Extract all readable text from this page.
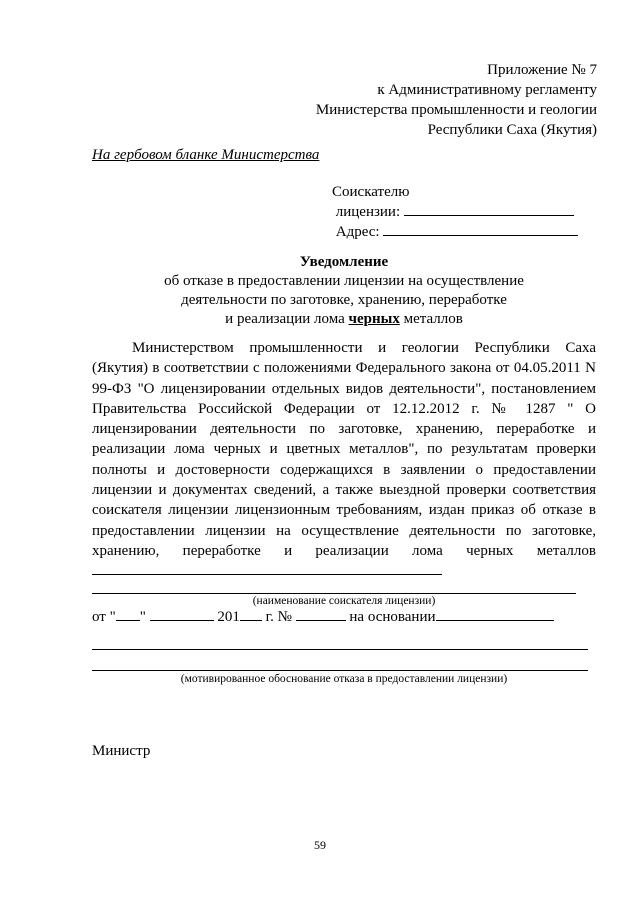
Приложение № 7
к Административному регламенту
Министерства промышленности и геологии
Республики Саха (Якутия)
На гербовом бланке Министерства
Соискателю
лицензии:
Адрес:
Уведомление
об отказе в предоставлении лицензии на осуществление
деятельности по заготовке, хранению, переработке
и реализации лома черных металлов

Министерством промышленности и геологии Республики Саха (Якутия) в соответствии с положениями Федерального закона от 04.05.2011 N 99-ФЗ "О лицензировании отдельных видов деятельности", постановлением Правительства Российской Федерации от 12.12.2012 г. № 1287 " О лицензировании деятельности по заготовке, хранению, переработке и реализации лома черных и цветных металлов", по результатам проверки полноты и достоверности содержащихся в заявлении о предоставлении лицензии и документах сведений, а также выездной проверки соответствия соискателя лицензии лицензионным требованиям, издан приказ об отказе в предоставлении лицензии на осуществление деятельности по заготовке, хранению, переработке и реализации лома черных металлов

(наименование соискателя лицензии)
от " "	201 г. №	на основании
(мотивированное обоснование отказа в предоставлении лицензии)
Министр
59
